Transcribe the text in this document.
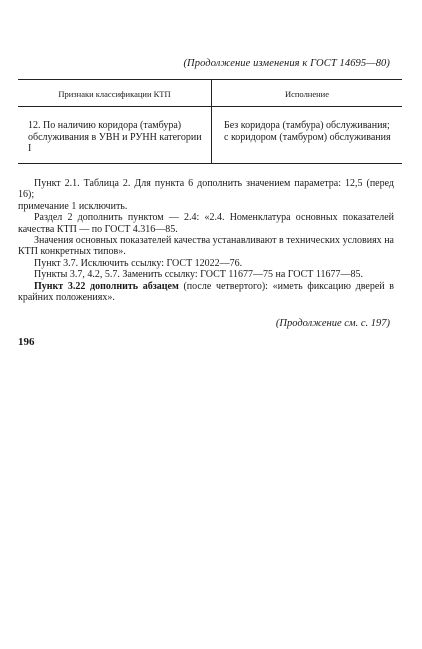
(Продолжение изменения к ГОСТ 14695—80)
Признаки классификации КТП	Исполнение
12. По наличию коридора (тамбура) обслуживания в УВН и РУНН категории I
Без коридора (тамбура) обслуживания;
с коридором (тамбуром) обслуживания

Пункт 2.1. Таблица 2. Для пункта 6 дополнить значением параметра: 12,5 (перед 16);

примечание 1 исключить.

Раздел 2 дополнить пунктом — 2.4: «2.4. Номенклатура основных показателей качества КТП — по ГОСТ 4.316—85.

Значения основных показателей качества устанавливают в технических условиях на КТП конкретных типов».

Пункт 3.7. Исключить ссылку: ГОСТ 12022—76.

Пункты 3.7, 4.2, 5.7. Заменить ссылку: ГОСТ 11677—75 на ГОСТ 11677—85.

Пункт 3.22 дополнить абзацем (после четвертого): «иметь фиксацию дверей в крайних положениях».

(Продолжение см. с. 197)
196
